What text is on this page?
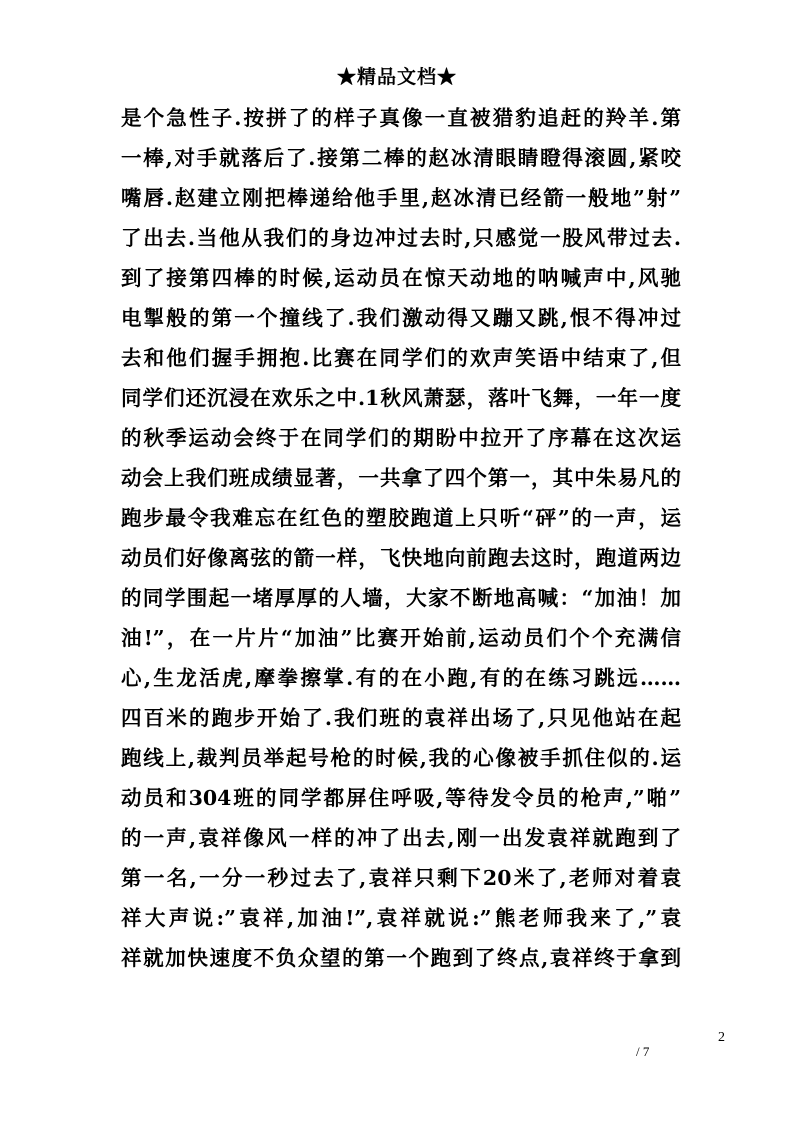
★精品文档★
是个急性子.按拼了的样子真像一直被猎豹追赶的羚羊.第
一棒,对手就落后了.接第二棒的赵冰清眼睛瞪得滚圆,紧咬
嘴唇.赵建立刚把棒递给他手里,赵冰清已经箭一般地”射”
了出去.当他从我们的身边冲过去时,只感觉一股风带过去.
到了接第四棒的时候,运动员在惊天动地的呐喊声中,风驰
电掣般的第一个撞线了.我们激动得又蹦又跳,恨不得冲过
去和他们握手拥抱.比赛在同学们的欢声笑语中结束了,但
同学们还沉浸在欢乐之中.1秋风萧瑟，落叶飞舞，一年一度
的秋季运动会终于在同学们的期盼中拉开了序幕在这次运
动会上我们班成绩显著，一共拿了四个第一，其中朱易凡的
跑步最令我难忘在红色的塑胶跑道上只听“砰”的一声，运
动员们好像离弦的箭一样，飞快地向前跑去这时，跑道两边
的同学围起一堵厚厚的人墙，大家不断地高喊：“加油！加
油!”，在一片片“加油”比赛开始前,运动员们个个充满信
心,生龙活虎,摩拳擦掌.有的在小跑,有的在练习跳远……
四百米的跑步开始了.我们班的袁祥出场了,只见他站在起
跑线上,裁判员举起号枪的时候,我的心像被手抓住似的.运
动员和304班的同学都屏住呼吸,等待发令员的枪声,”啪”
的一声,袁祥像风一样的冲了出去,刚一出发袁祥就跑到了
第一名,一分一秒过去了,袁祥只剩下20米了,老师对着袁
祥大声说:”袁祥,加油!”,袁祥就说:”熊老师我来了,”袁
祥就加快速度不负众望的第一个跑到了终点,袁祥终于拿到
2
/ 7
